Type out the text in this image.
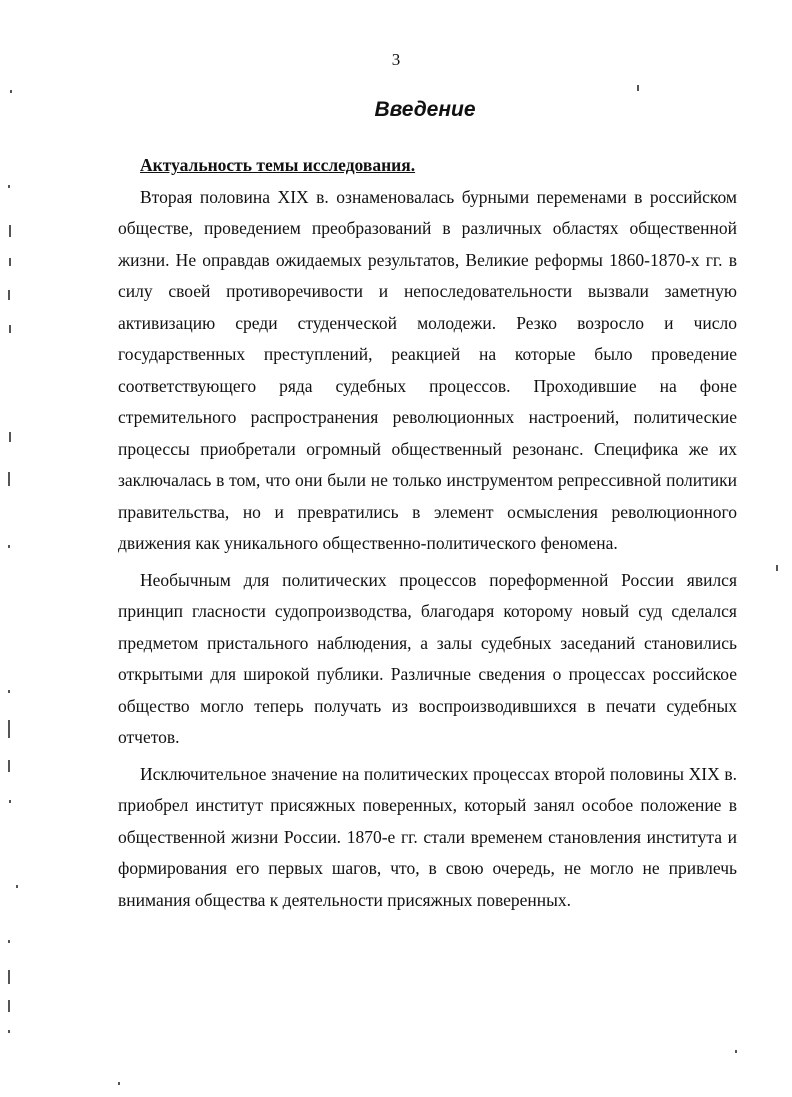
3
Введение

Актуальность темы исследования.

Вторая половина XIX в. ознаменовалась бурными переменами в российском обществе, проведением преобразований в различных областях общественной жизни. Не оправдав ожидаемых результатов, Великие реформы 1860-1870-х гг. в силу своей противоречивости и непоследовательности вызвали заметную активизацию среди студенческой молодежи. Резко возросло и число государственных преступлений, реакцией на которые было проведение соответствующего ряда судебных процессов. Проходившие на фоне стремительного распространения революционных настроений, политические процессы приобретали огромный общественный резонанс. Специфика же их заключалась в том, что они были не только инструментом репрессивной политики правительства, но и превратились в элемент осмысления революционного движения как уникального общественно-политического феномена.

Необычным для политических процессов пореформенной России явился принцип гласности судопроизводства, благодаря которому новый суд сделался предметом пристального наблюдения, а залы судебных заседаний становились открытыми для широкой публики. Различные сведения о процессах российское общество могло теперь получать из воспроизводившихся в печати судебных отчетов.

Исключительное значение на политических процессах второй половины XIX в. приобрел институт присяжных поверенных, который занял особое положение в общественной жизни России. 1870-е гг. стали временем становления института и формирования его первых шагов, что, в свою очередь, не могло не привлечь внимания общества к деятельности присяжных поверенных.
